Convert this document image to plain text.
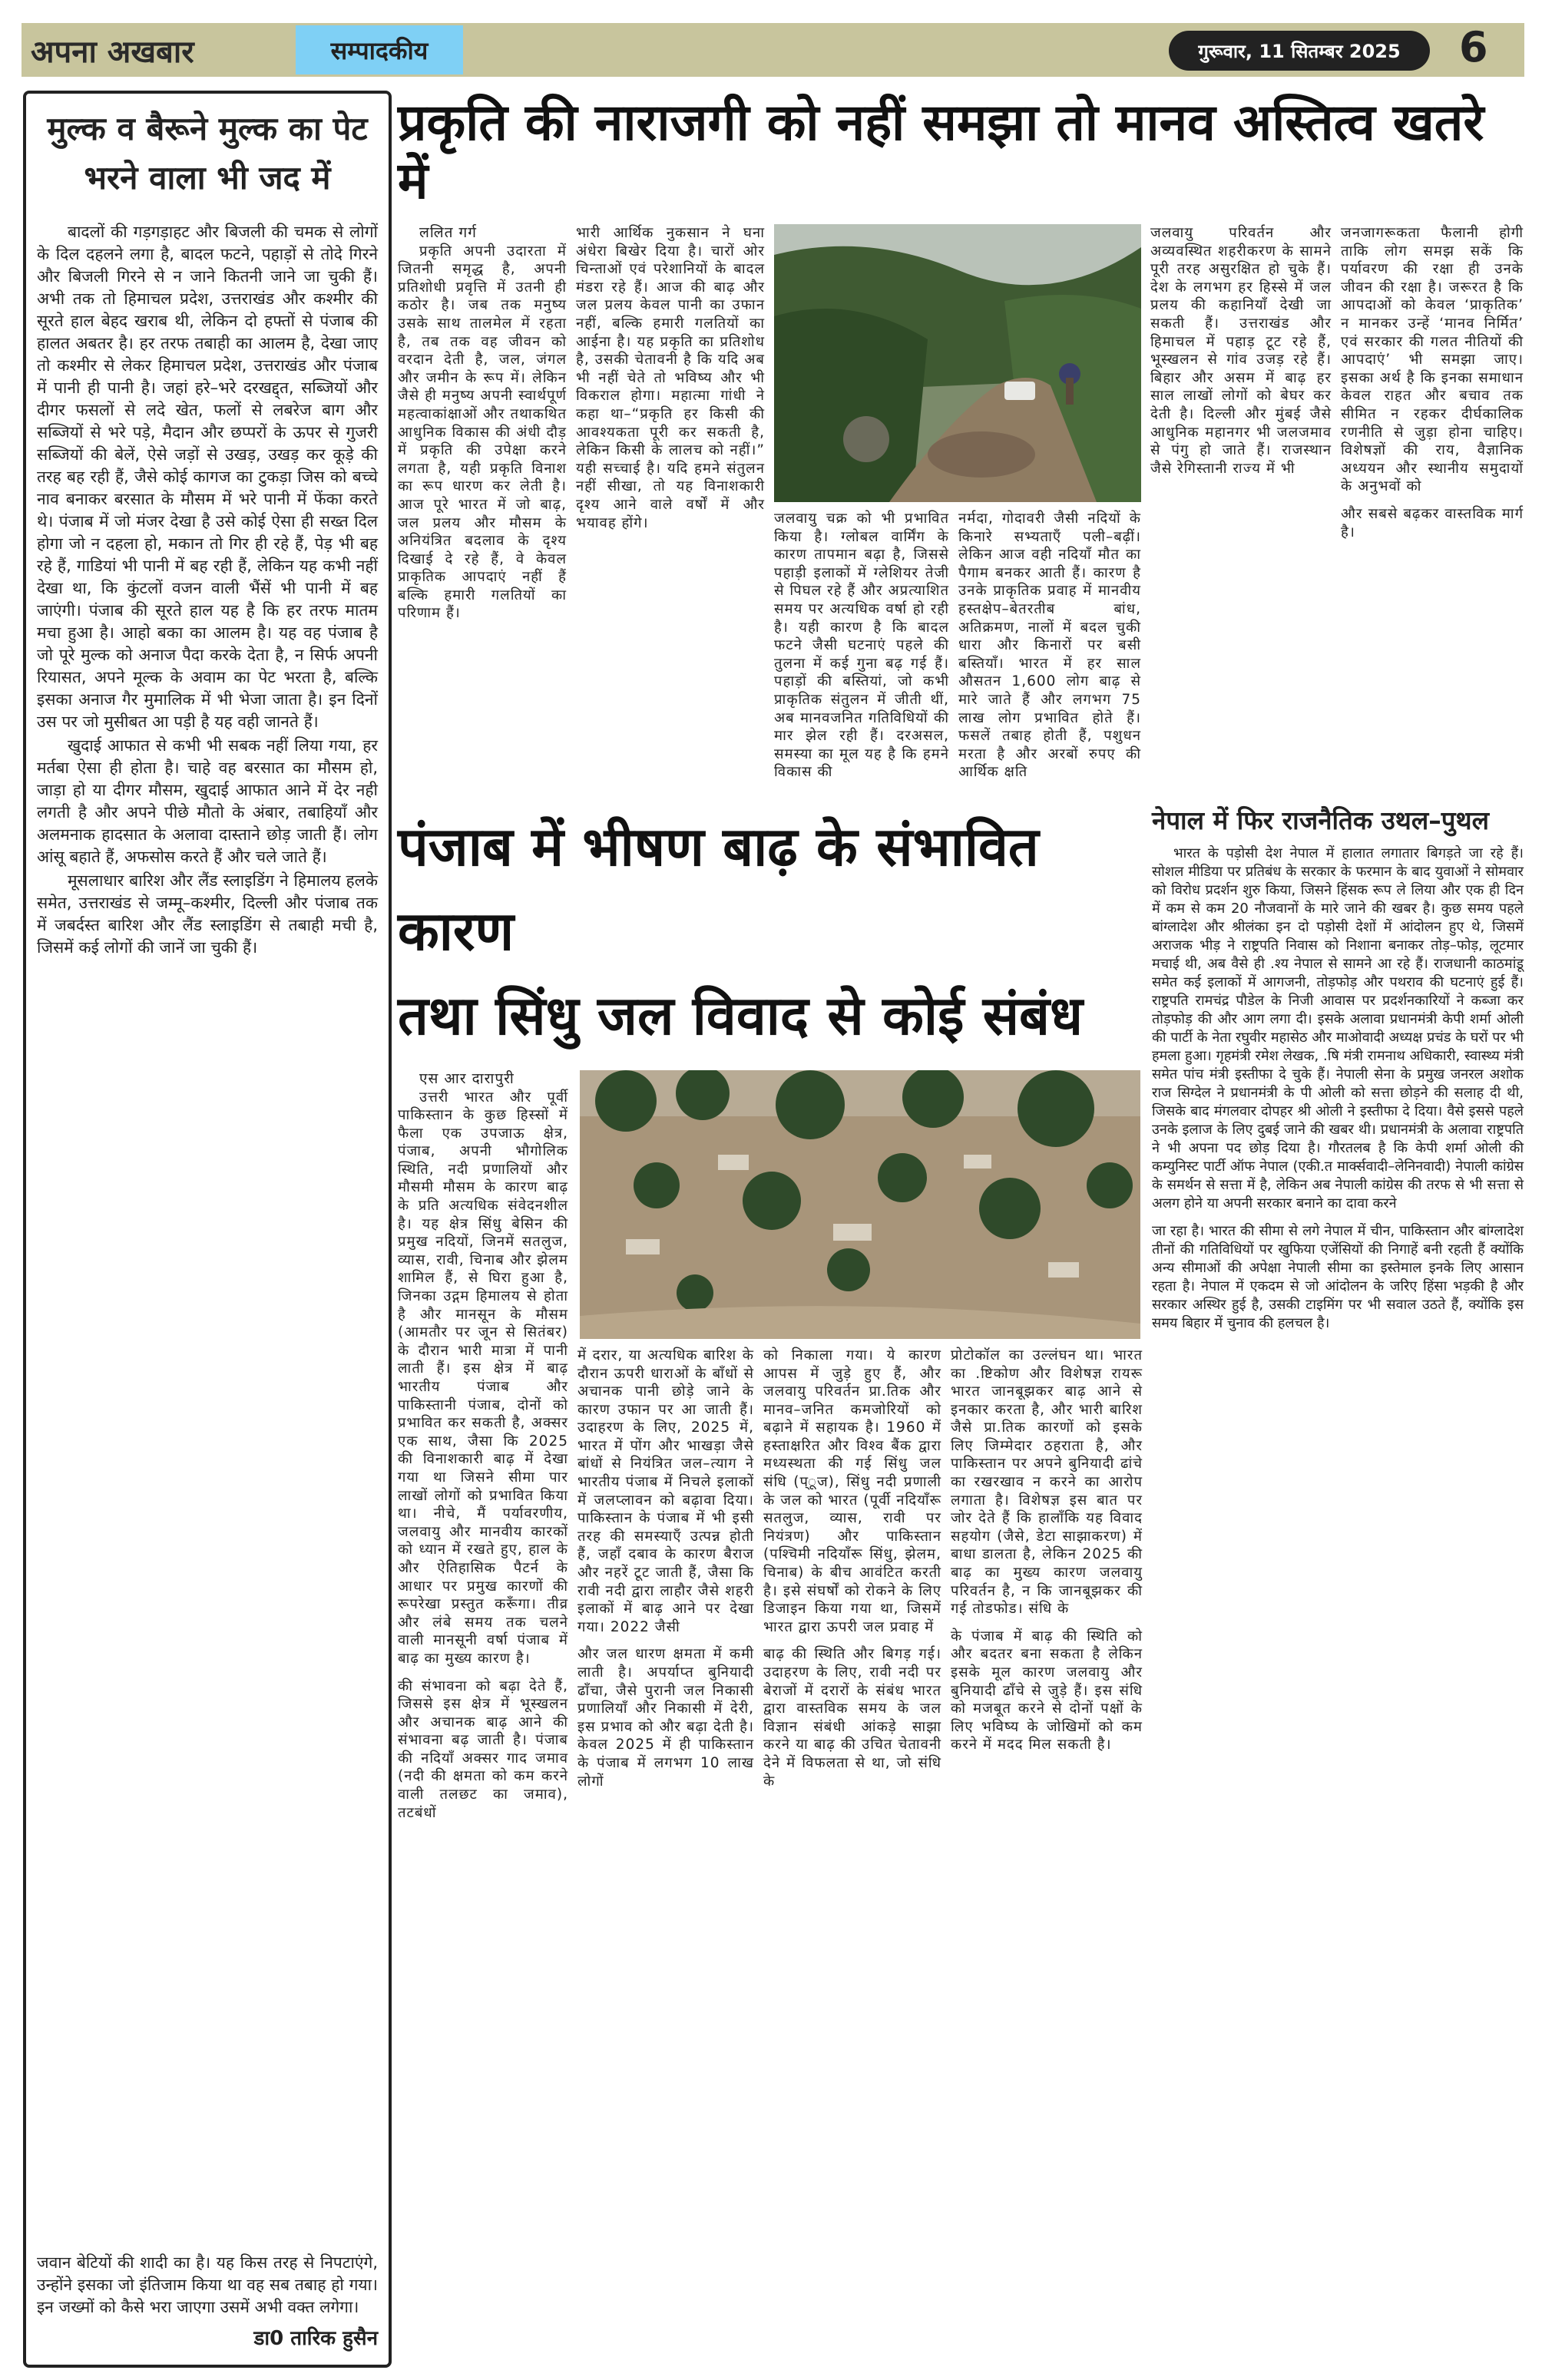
अपना अखबार	सम्पादकीय	गुरूवार, 11 सितम्बर 2025	6
मुल्क व बैरूने मुल्क का पेट भरने वाला भी जद में

बादलों की गड़गड़ाहट और बिजली की चमक से लोगों के दिल दहलने लगा है, बादल फटने, पहाड़ों से तोदे गिरने और बिजली गिरने से न जाने कितनी जाने जा चुकी हैं। अभी तक तो हिमाचल प्रदेश, उत्तराखंड और कश्मीर की सूरते हाल बेहद खराब थी, लेकिन दो हफ्तों से पंजाब की हालत अबतर है। हर तरफ तबाही का आलम है, देखा जाए तो कश्मीर से लेकर हिमाचल प्रदेश, उत्तराखंड और पंजाब में पानी ही पानी है। जहां हरे–भरे दरखद्द्त, सब्जियों और दीगर फसलों से लदे खेत, फलों से लबरेज बाग और सब्जियों से भरे पड़े, मैदान और छप्परों के ऊपर से गुजरी सब्जियों की बेलें, ऐसे जड़ों से उखड़, उखड़ कर कूड़े की तरह बह रही हैं, जैसे कोई कागज का टुकड़ा जिस को बच्चे नाव बनाकर बरसात के मौसम में भरे पानी में फेंका करते थे। पंजाब में जो मंजर देखा है उसे कोई ऐसा ही सख्त दिल होगा जो न दहला हो, मकान तो गिर ही रहे हैं, पेड़ भी बह रहे हैं, गाडियां भी पानी में बह रही हैं, लेकिन यह कभी नहीं देखा था, कि कुंटलों वजन वाली भैंसें भी पानी में बह जाएंगी। पंजाब की सूरते हाल यह है कि हर तरफ मातम मचा हुआ है। आहो बका का आलम है। यह वह पंजाब है जो पूरे मुल्क को अनाज पैदा करके देता है, न सिर्फ अपनी रियासत, अपने मूल्क के अवाम का पेट भरता है, बल्कि इसका अनाज गैर मुमालिक में भी भेजा जाता है। इन दिनों उस पर जो मुसीबत आ पड़ी है यह वही जानते हैं।

खुदाई आफात से कभी भी सबक नहीं लिया गया, हर मर्तबा ऐसा ही होता है। चाहे वह बरसात का मौसम हो, जाड़ा हो या दीगर मौसम, खुदाई आफात आने में देर नही लगती है और अपने पीछे मौतो के अंबार, तबाहियाँ और अलमनाक हादसात के अलावा दास्ताने छोड़ जाती हैं। लोग आंसू बहाते हैं, अफसोस करते हैं और चले जाते हैं।

मूसलाधार बारिश और लैंड स्लाइडिंग ने हिमालय हलके समेत, उत्तराखंड से जम्मू–कश्मीर, दिल्ली और पंजाब तक में जबर्दस्त बारिश और लैंड स्लाइडिंग से तबाही मची है, जिसमें कई लोगों की जानें जा चुकी हैं।

जवान बेटियों की शादी का है। यह किस तरह से निपटाएंगे, उन्होंने इसका जो इंतिजाम किया था वह सब तबाह हो गया। इन जख्मों को कैसे भरा जाएगा उसमें अभी वक्त लगेगा।

डा0 तारिक हुसैन
प्रकृति की नाराजगी को नहीं समझा तो मानव अस्तित्व खतरे में
ललित गर्ग

प्रकृति अपनी उदारता में जितनी समृद्ध है, अपनी प्रतिशोधी प्रवृत्ति में उतनी ही कठोर है। जब तक मनुष्य उसके साथ तालमेल में रहता है, तब तक वह जीवन को वरदान देती है, जल, जंगल और जमीन के रूप में। लेकिन जैसे ही मनुष्य अपनी स्वार्थपूर्ण महत्वाकांक्षाओं और तथाकथित आधुनिक विकास की अंधी दौड़ में प्रकृति की उपेक्षा करने लगता है, यही प्रकृति विनाश का रूप धारण कर लेती है। आज पूरे भारत में जो बाढ़, जल प्रलय और मौसम के अनियंत्रित बदलाव के दृश्य दिखाई दे रहे हैं, वे केवल प्राकृतिक आपदाएं नहीं हैं बल्कि हमारी गलतियों का परिणाम हैं।

भारी आर्थिक नुकसान ने घना अंधेरा बिखेर दिया है। चारों ओर चिन्ताओं एवं परेशानियों के बादल मंडरा रहे हैं। आज की बाढ़ और जल प्रलय केवल पानी का उफान नहीं, बल्कि हमारी गलतियों का आईना है। यह प्रकृति का प्रतिशोध है, उसकी चेतावनी है कि यदि अब भी नहीं चेते तो भविष्य और भी विकराल होगा। महात्मा गांधी ने कहा था–“प्रकृति हर किसी की आवश्यकता पूरी कर सकती है, लेकिन किसी के लालच को नहीं।” यही सच्चाई है। यदि हमने संतुलन नहीं सीखा, तो यह विनाशकारी दृश्य आने वाले वर्षों में और भयावह होंगे।	जलवायु चक्र को भी प्रभावित किया है। ग्लोबल वार्मिंग के कारण तापमान बढ़ा है, जिससे पहाड़ी इलाकों में ग्लेशियर तेजी से पिघल रहे हैं और अप्रत्याशित समय पर अत्यधिक वर्षा हो रही है। यही कारण है कि बादल फटने जैसी घटनाएं पहले की तुलना में कई गुना बढ़ गई हैं। पहाड़ों की बस्तियां, जो कभी प्राकृतिक संतुलन में जीती थीं, अब मानवजनित गतिविधियों की मार झेल रही हैं। दरअसल, समस्या का मूल यह है कि हमने विकास की

नर्मदा, गोदावरी जैसी नदियों के किनारे सभ्यताएँ पली–बढ़ीं। लेकिन आज वही नदियाँ मौत का पैगाम बनकर आती हैं। कारण है उनके प्राकृतिक प्रवाह में मानवीय हस्तक्षेप–बेतरतीब बांध, अतिक्रमण, नालों में बदल चुकी धारा और किनारों पर बसी बस्तियाँ। भारत में हर साल औसतन 1,600 लोग बाढ़ से मारे जाते हैं और लगभग 75 लाख लोग प्रभावित होते हैं। फसलें तबाह होती हैं, पशुधन मरता है और अरबों रुपए की आर्थिक क्षति

जलवायु परिवर्तन और अव्यवस्थित शहरीकरण के सामने पूरी तरह असुरक्षित हो चुके हैं। देश के लगभग हर हिस्से में जल प्रलय की कहानियाँ देखी जा सकती हैं। उत्तराखंड और हिमाचल में पहाड़ टूट रहे हैं, भूस्खलन से गांव उजड़ रहे हैं। बिहार और असम में बाढ़ हर साल लाखों लोगों को बेघर कर देती है। दिल्ली और मुंबई जैसे आधुनिक महानगर भी जलजमाव से पंगु हो जाते हैं। राजस्थान जैसे रेगिस्तानी राज्य में भी

जनजागरूकता फैलानी होगी ताकि लोग समझ सकें कि पर्यावरण की रक्षा ही उनके जीवन की रक्षा है। जरूरत है कि आपदाओं को केवल ‘प्राकृतिक’ न मानकर उन्हें ‘मानव निर्मित’ एवं सरकार की गलत नीतियों की आपदाएं’ भी समझा जाए। इसका अर्थ है कि इनका समाधान केवल राहत और बचाव तक सीमित न रहकर दीर्घकालिक रणनीति से जुड़ा होना चाहिए। विशेषज्ञों की राय, वैज्ञानिक अध्ययन और स्थानीय समुदायों के अनुभवों को

और सबसे बढ़कर वास्तविक मार्ग है।

पंजाब में भीषण बाढ़ के संभावित कारण
तथा सिंधु जल विवाद से कोई संबंध
एस आर दारापुरी

उत्तरी भारत और पूर्वी पाकिस्तान के कुछ हिस्सों में फैला एक उपजाऊ क्षेत्र, पंजाब, अपनी भौगोलिक स्थिति, नदी प्रणालियों और मौसमी मौसम के कारण बाढ़ के प्रति अत्यधिक संवेदनशील है। यह क्षेत्र सिंधु बेसिन की प्रमुख नदियों, जिनमें सतलुज, व्यास, रावी, चिनाब और झेलम शामिल हैं, से घिरा हुआ है, जिनका उद्गम हिमालय से होता है और मानसून के मौसम (आमतौर पर जून से सितंबर) के दौरान भारी मात्रा में पानी लाती हैं। इस क्षेत्र में बाढ़ भारतीय पंजाब और पाकिस्तानी पंजाब, दोनों को प्रभावित कर सकती है, अक्सर एक साथ, जैसा कि 2025 की विनाशकारी बाढ़ में देखा गया था जिसने सीमा पार लाखों लोगों को प्रभावित किया था। नीचे, मैं पर्यावरणीय, जलवायु और मानवीय कारकों को ध्यान में रखते हुए, हाल के और ऐतिहासिक पैटर्न के आधार पर प्रमुख कारणों की रूपरेखा प्रस्तुत करूँगा। तीव्र और लंबे समय तक चलने वाली मानसूनी वर्षा पंजाब में बाढ़ का मुख्य कारण है।

की संभावना को बढ़ा देते हैं, जिससे इस क्षेत्र में भूस्खलन और अचानक बाढ़ आने की संभावना बढ़ जाती है। पंजाब की नदियाँ अक्सर गाद जमाव (नदी की क्षमता को कम करने वाली तलछट का जमाव), तटबंधों

में दरार, या अत्यधिक बारिश के दौरान ऊपरी धाराओं के बाँधों से अचानक पानी छोड़े जाने के कारण उफान पर आ जाती हैं। उदाहरण के लिए, 2025 में, भारत में पोंग और भाखड़ा जैसे बांधों से नियंत्रित जल–त्याग ने भारतीय पंजाब में निचले इलाकों में जलप्लावन को बढ़ावा दिया। पाकिस्तान के पंजाब में भी इसी तरह की समस्याएँ उत्पन्न होती हैं, जहाँ दबाव के कारण बैराज और नहरें टूट जाती हैं, जैसा कि रावी नदी द्वारा लाहौर जैसे शहरी इलाकों में बाढ़ आने पर देखा गया। 2022 जैसी

और जल धारण क्षमता में कमी लाती है। अपर्याप्त बुनियादी ढाँचा, जैसे पुरानी जल निकासी प्रणालियाँ और निकासी में देरी, इस प्रभाव को और बढ़ा देती है। केवल 2025 में ही पाकिस्तान के पंजाब में लगभग 10 लाख लोगों

को निकाला गया। ये कारण आपस में जुड़े हुए हैं, और जलवायु परिवर्तन प्रा.तिक और मानव–जनित कमजोरियों को बढ़ाने में सहायक है। 1960 में हस्ताक्षरित और विश्व बैंक द्वारा मध्यस्थता की गई सिंधु जल संधि (प्ूज), सिंधु नदी प्रणाली के जल को भारत (पूर्वी नदियाँरू सतलुज, व्यास, रावी पर नियंत्रण) और पाकिस्तान (पश्चिमी नदियाँरू सिंधु, झेलम, चिनाब) के बीच आवंटित करती है। इसे संघर्षों को रोकने के लिए डिजाइन किया गया था, जिसमें भारत द्वारा ऊपरी जल प्रवाह में

बाढ़ की स्थिति और बिगड़ गई। उदाहरण के लिए, रावी नदी पर बेराजों में दरारों के संबंध भारत द्वारा वास्तविक समय के जल विज्ञान संबंधी आंकड़े साझा करने या बाढ़ की उचित चेतावनी देने में विफलता से था, जो संधि के

प्रोटोकॉल का उल्लंघन था। भारत का .ष्टिकोण और विशेषज्ञ रायरू भारत जानबूझकर बाढ़ आने से इनकार करता है, और भारी बारिश जैसे प्रा.तिक कारणों को इसके लिए जिम्मेदार ठहराता है, और पाकिस्तान पर अपने बुनियादी ढांचे का रखरखाव न करने का आरोप लगाता है। विशेषज्ञ इस बात पर जोर देते हैं कि हालाँकि यह विवाद सहयोग (जैसे, डेटा साझाकरण) में बाधा डालता है, लेकिन 2025 की बाढ़ का मुख्य कारण जलवायु परिवर्तन है, न कि जानबूझकर की गई तोडफोड। संधि के

के पंजाब में बाढ़ की स्थिति को और बदतर बना सकता है लेकिन इसके मूल कारण जलवायु और बुनियादी ढाँचे से जुड़े हैं। इस संधि को मजबूत करने से दोनों पक्षों के लिए भविष्य के जोखिमों को कम करने में मदद मिल सकती है।

नेपाल में फिर राजनैतिक उथल–पुथल

भारत के पड़ोसी देश नेपाल में हालात लगातार बिगड़ते जा रहे हैं। सोशल मीडिया पर प्रतिबंध के सरकार के फरमान के बाद युवाओं ने सोमवार को विरोध प्रदर्शन शुरु किया, जिसने हिंसक रूप ले लिया और एक ही दिन में कम से कम 20 नौजवानों के मारे जाने की खबर है। कुछ समय पहले बांग्लादेश और श्रीलंका इन दो पड़ोसी देशों में आंदोलन हुए थे, जिसमें अराजक भीड़ ने राष्ट्रपति निवास को निशाना बनाकर तोड़–फोड़, लूटमार मचाई थी, अब वैसे ही .श्य नेपाल से सामने आ रहे हैं। राजधानी काठमांडू समेत कई इलाकों में आगजनी, तोड़फोड़ और पथराव की घटनाएं हुई हैं। राष्ट्रपति रामचंद्र पौडेल के निजी आवास पर प्रदर्शनकारियों ने कब्जा कर तोड़फोड़ की और आग लगा दी। इसके अलावा प्रधानमंत्री केपी शर्मा ओली की पार्टी के नेता रघुवीर महासेठ और माओवादी अध्यक्ष प्रचंड के घरों पर भी हमला हुआ। गृहमंत्री रमेश लेखक, .षि मंत्री रामनाथ अधिकारी, स्वास्थ्य मंत्री समेत पांच मंत्री इस्तीफा दे चुके हैं। नेपाली सेना के प्रमुख जनरल अशोक राज सिग्देल ने प्रधानमंत्री के पी ओली को सत्ता छोड़ने की सलाह दी थी, जिसके बाद मंगलवार दोपहर श्री ओली ने इस्तीफा दे दिया। वैसे इससे पहले उनके इलाज के लिए दुबई जाने की खबर थी। प्रधानमंत्री के अलावा राष्ट्रपति ने भी अपना पद छोड़ दिया है। गौरतलब है कि केपी शर्मा ओली की कम्युनिस्ट पार्टी ऑफ नेपाल (एकी.त मार्क्सवादी–लेनिनवादी) नेपाली कांग्रेस के समर्थन से सत्ता में है, लेकिन अब नेपाली कांग्रेस की तरफ से भी सत्ता से अलग होने या अपनी सरकार बनाने का दावा करने

जा रहा है। भारत की सीमा से लगे नेपाल में चीन, पाकिस्तान और बांग्लादेश तीनों की गतिविधियों पर खुफिया एजेंसियों की निगाहें बनी रहती हैं क्योंकि अन्य सीमाओं की अपेक्षा नेपाली सीमा का इस्तेमाल इनके लिए आसान रहता है। नेपाल में एकदम से जो आंदोलन के जरिए हिंसा भड़की है और सरकार अस्थिर हुई है, उसकी टाइमिंग पर भी सवाल उठते हैं, क्योंकि इस समय बिहार में चुनाव की हलचल है।
